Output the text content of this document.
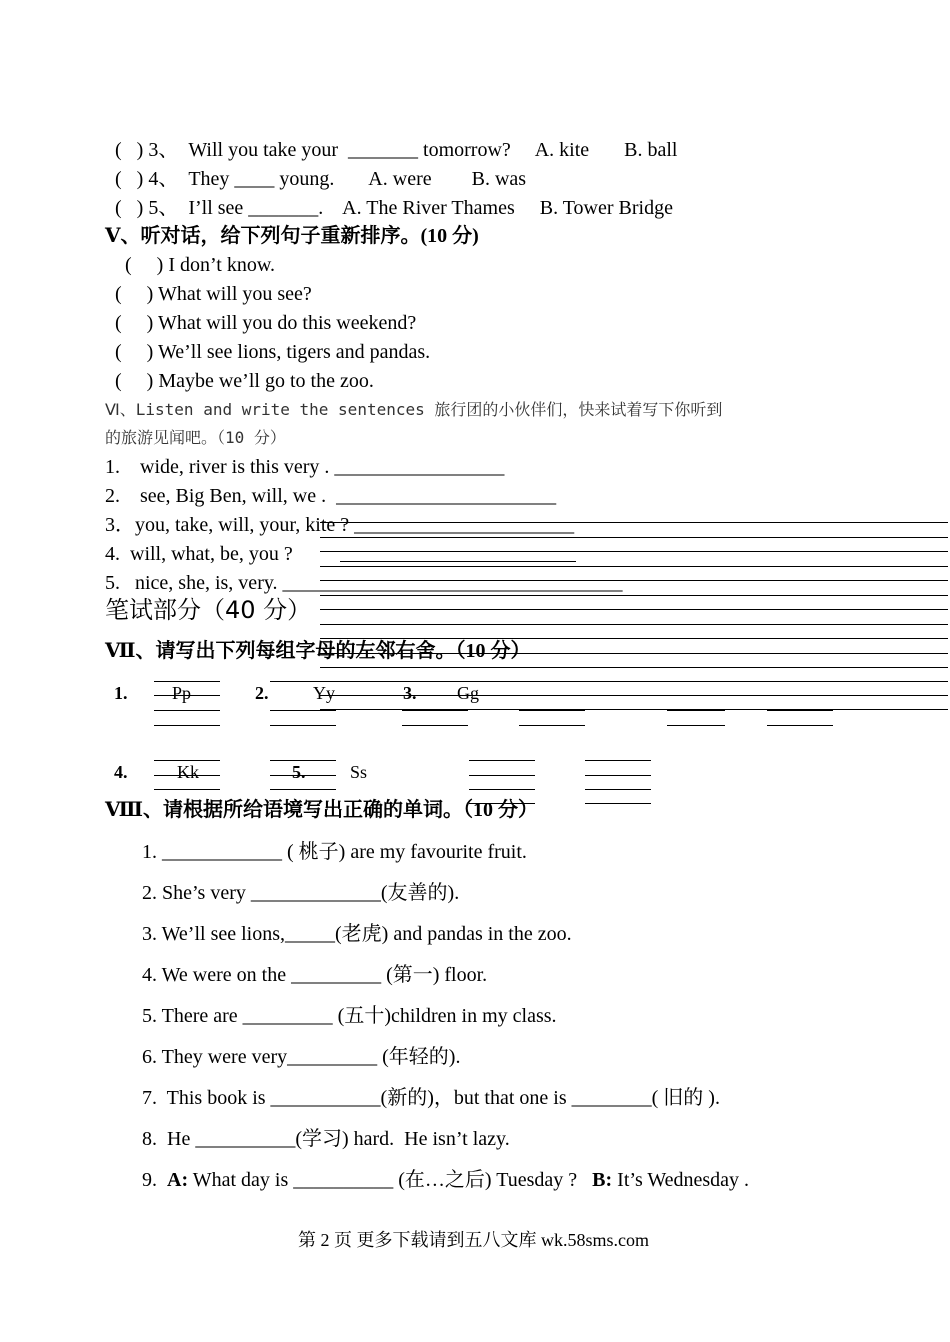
(   ) 3、  Will you take your  _______ tomorrow?     A. kite       B. ball
(   ) 4、  They ____ young.       A. were        B. was
(   ) 5、  I’ll see _______.    A. The River Thames     B. Tower Bridge
Ⅴ、听对话，给下列句子重新排序。(10 分)
(     ) I don’t know.
(     ) What will you see?
(     ) What will you do this weekend?
(     ) We’ll see lions, tigers and pandas.
(     ) Maybe we’ll go to the zoo.
Ⅵ、Listen and write the sentences 旅行团的小伙伴们，快来试着写下你听到
的旅游见闻吧。（10 分）
1.    wide, river is this very . _________________
2.    see, Big Ben, will, we .  ______________________
3．you, take, will, your, kite ? ______________________
4.  will, what, be, you ?
5.   nice, she, is, very. __________________________________
笔试部分（40 分）
Ⅶ、请写出下列每组字母的左邻右舍。（10 分）
1. Pp	2. Yy	3. Gg
4.	Kk	5. Ss
Ⅷ、请根据所给语境写出正确的单词。（10 分）
1. ____________ ( 桃子) are my favourite fruit.
2. She’s very _____________(友善的).
3. We’ll see lions,_____(老虎) and pandas in the zoo.
4. We were on the _________ (第一) floor.
5. There are _________ (五十)children in my class.
6. They were very_________ (年轻的).
7.  This book is ___________(新的)，but that one is ________( 旧的 ).
8.  He __________(学习) hard.  He isn’t lazy.
9.  A: What day is __________ (在…之后) Tuesday ?   B: It’s Wednesday .
第 2 页 更多下载请到五八文库 wk.58sms.com
